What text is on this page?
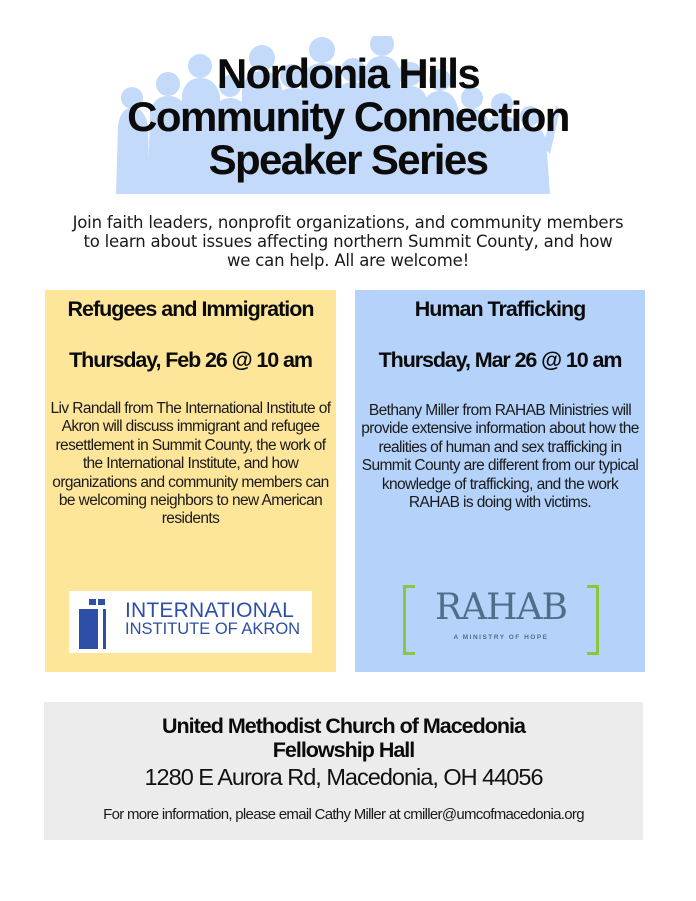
Nordonia Hills
Community Connection
Speaker Series
Join faith leaders, nonprofit organizations, and community members to learn about issues affecting northern Summit County, and how we can help. All are welcome!
Refugees and Immigration
Thursday, Feb 26 @ 10 am
Liv Randall from The International Institute of Akron will discuss immigrant and refugee resettlement in Summit County, the work of the International Institute, and how organizations and community members can be welcoming neighbors to new American residents
INTERNATIONAL
INSTITUTE OF AKRON
Human Trafficking
Thursday, Mar 26 @ 10 am
Bethany Miller from RAHAB Ministries will provide extensive information about how the realities of human and sex trafficking in Summit County are different from our typical knowledge of trafficking, and the work RAHAB is doing with victims.
RAHAB
A MINISTRY OF HOPE
United Methodist Church of Macedonia
Fellowship Hall
1280 E Aurora Rd, Macedonia, OH 44056
For more information, please email Cathy Miller at cmiller@umcofmacedonia.org
